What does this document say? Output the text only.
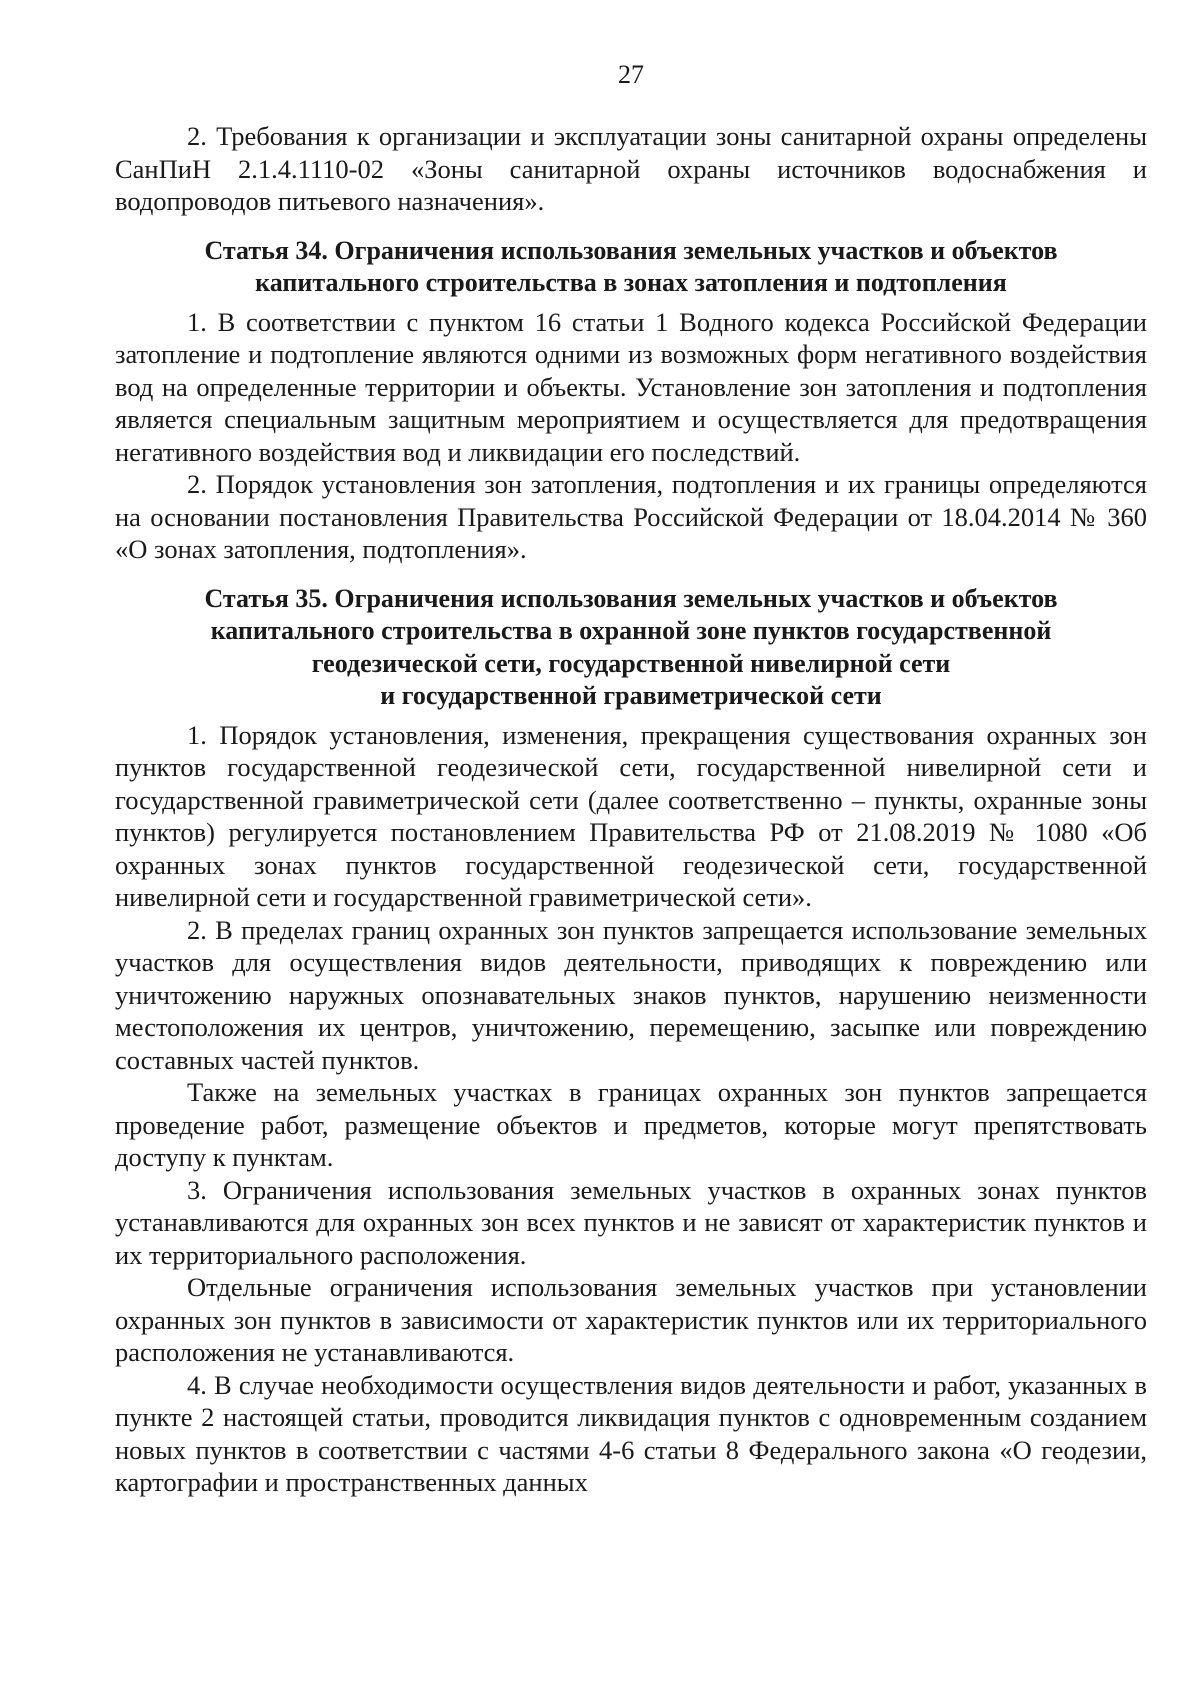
27

2. Требования к организации и эксплуатации зоны санитарной охраны определены СанПиН 2.1.4.1110-02 «Зоны санитарной охраны источников водоснабжения и водопроводов питьевого назначения».

Статья 34. Ограничения использования земельных участков и объектов
капитального строительства в зонах затопления и подтопления

1. В соответствии с пунктом 16 статьи 1 Водного кодекса Российской Федерации затопление и подтопление являются одними из возможных форм негативного воздействия вод на определенные территории и объекты. Установление зон затопления и подтопления является специальным защитным мероприятием и осуществляется для предотвращения негативного воздействия вод и ликвидации его последствий.

2. Порядок установления зон затопления, подтопления и их границы определяются на основании постановления Правительства Российской Федерации от 18.04.2014 № 360 «О зонах затопления, подтопления».

Статья 35. Ограничения использования земельных участков и объектов
капитального строительства в охранной зоне пунктов государственной
геодезической сети, государственной нивелирной сети
и государственной гравиметрической сети

1. Порядок установления, изменения, прекращения существования охранных зон пунктов государственной геодезической сети, государственной нивелирной сети и государственной гравиметрической сети (далее соответственно – пункты, охранные зоны пунктов) регулируется постановлением Правительства РФ от 21.08.2019 № 1080 «Об охранных зонах пунктов государственной геодезической сети, государственной нивелирной сети и государственной гравиметрической сети».

2. В пределах границ охранных зон пунктов запрещается использование земельных участков для осуществления видов деятельности, приводящих к повреждению или уничтожению наружных опознавательных знаков пунктов, нарушению неизменности местоположения их центров, уничтожению, перемещению, засыпке или повреждению составных частей пунктов.

Также на земельных участках в границах охранных зон пунктов запрещается проведение работ, размещение объектов и предметов, которые могут препятствовать доступу к пунктам.

3. Ограничения использования земельных участков в охранных зонах пунктов устанавливаются для охранных зон всех пунктов и не зависят от характеристик пунктов и их территориального расположения.

Отдельные ограничения использования земельных участков при установлении охранных зон пунктов в зависимости от характеристик пунктов или их территориального расположения не устанавливаются.

4. В случае необходимости осуществления видов деятельности и работ, указанных в пункте 2 настоящей статьи, проводится ликвидация пунктов с одновременным созданием новых пунктов в соответствии с частями 4-6 статьи 8 Федерального закона «О геодезии, картографии и пространственных данных
